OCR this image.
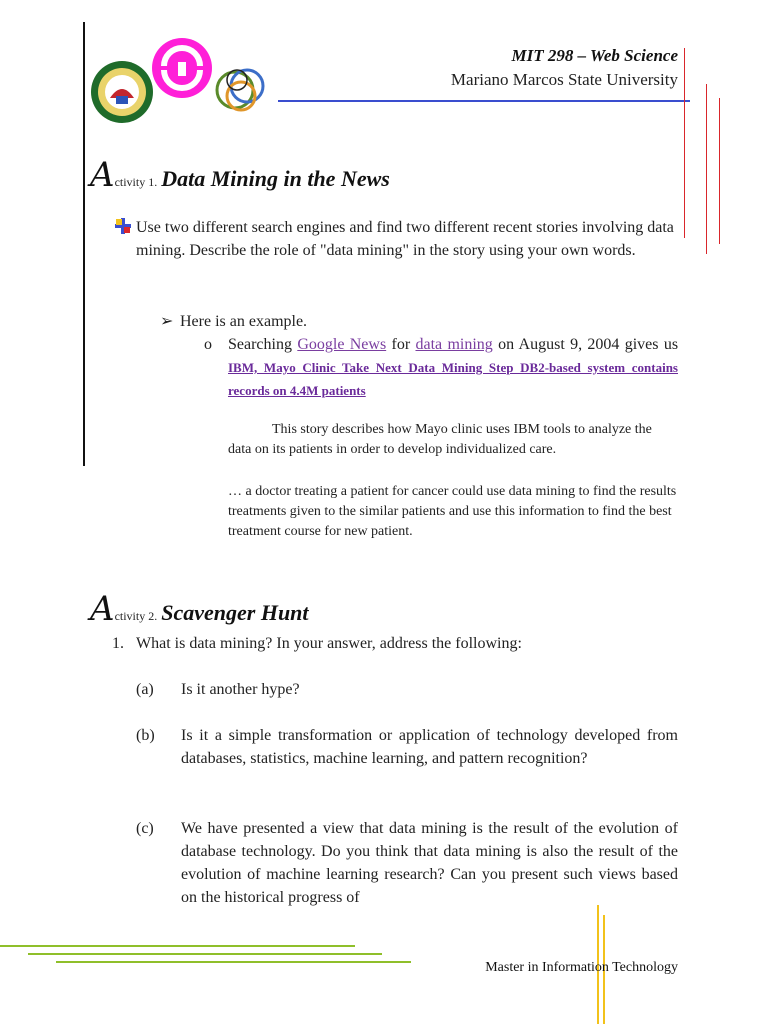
MIT 298 – Web Science
Mariano Marcos State University
Activity 1. Data Mining in the News
Use two different search engines and find two different recent stories involving data mining. Describe the role of "data mining" in the story using your own words.
➢ Here is an example.
o Searching Google News for data mining on August 9, 2004 gives us IBM, Mayo Clinic Take Next Data Mining Step DB2-based system contains records on 4.4M patients
This story describes how Mayo clinic uses IBM tools to analyze the data on its patients in order to develop individualized care.
… a doctor treating a patient for cancer could use data mining to find the results treatments given to the similar patients and use this information to find the best treatment course for new patient.
Activity 2. Scavenger Hunt
1. What is data mining? In your answer, address the following:
(a) Is it another hype?
(b) Is it a simple transformation or application of technology developed from databases, statistics, machine learning, and pattern recognition?
(c) We have presented a view that data mining is the result of the evolution of database technology. Do you think that data mining is also the result of the evolution of machine learning research? Can you present such views based on the historical progress of
Master in Information Technology
